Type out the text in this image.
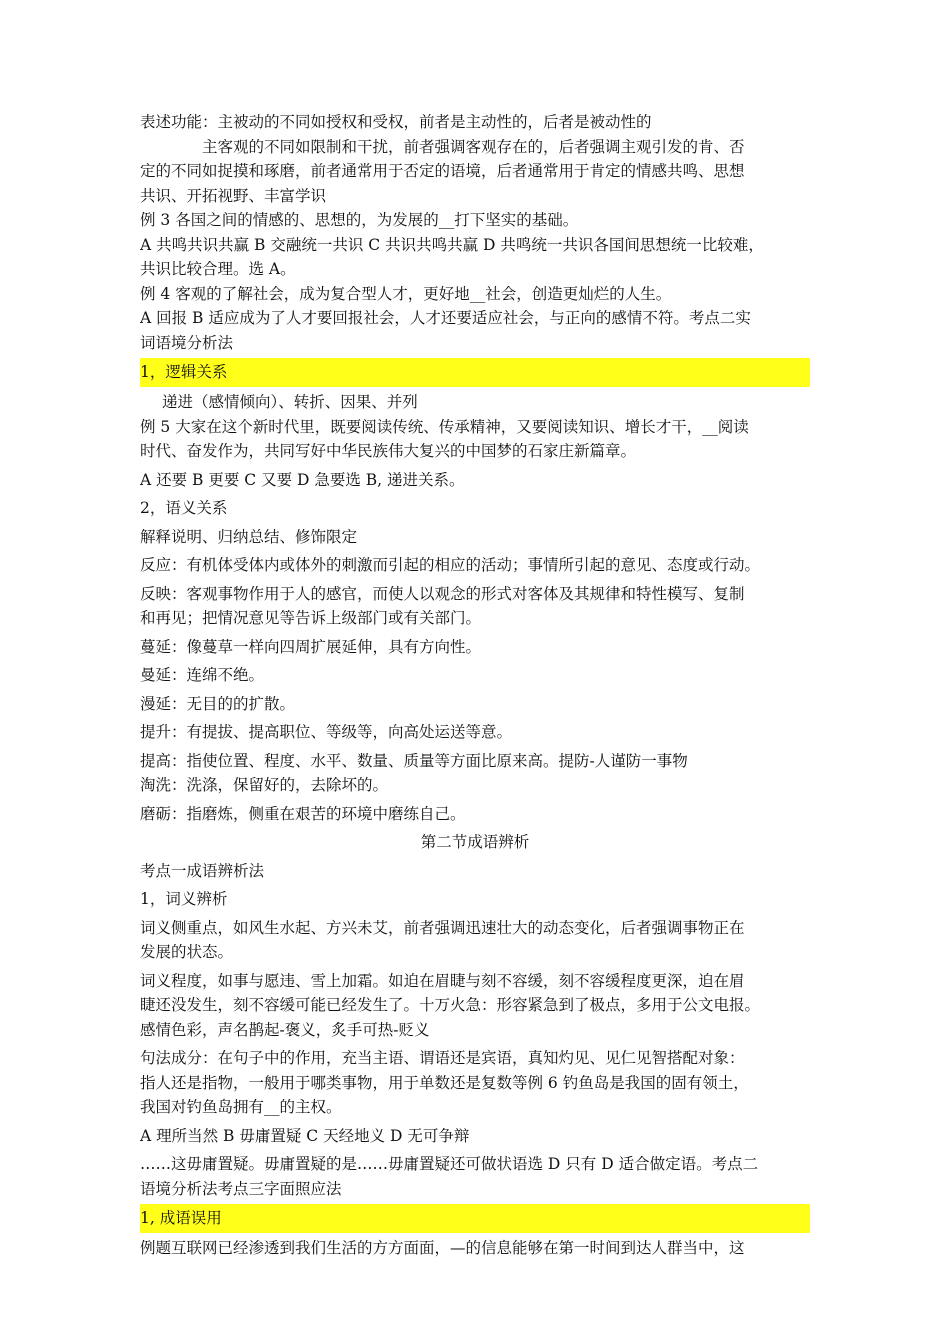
表述功能：主被动的不同如授权和受权，前者是主动性的，后者是被动性的
主客观的不同如限制和干扰，前者强调客观存在的，后者强调主观引发的肯、否
定的不同如捉摸和琢磨，前者通常用于否定的语境，后者通常用于肯定的情感共鸣、思想
共识、开拓视野、丰富学识
例 3 各国之间的情感的、思想的，为发展的__打下坚实的基础。
A 共鸣共识共赢 B 交融统一共识 C 共识共鸣共赢 D 共鸣统一共识各国间思想统一比较难，
共识比较合理。选 A。
例 4 客观的了解社会，成为复合型人才，更好地__社会，创造更灿烂的人生。
A 回报 B 适应成为了人才要回报社会，人才还要适应社会，与正向的感情不符。考点二实
词语境分析法
1，逻辑关系
递进（感情倾向）、转折、因果、并列
例 5 大家在这个新时代里，既要阅读传统、传承精神，又要阅读知识、增长才干，__阅读
时代、奋发作为，共同写好中华民族伟大复兴的中国梦的石家庄新篇章。
A 还要 B 更要 C 又要 D 急要选 B, 递进关系。
2，语义关系
解释说明、归纳总结、修饰限定
反应：有机体受体内或体外的刺激而引起的相应的活动；事情所引起的意见、态度或行动。
反映：客观事物作用于人的感官，而使人以观念的形式对客体及其规律和特性模写、复制
和再见；把情况意见等告诉上级部门或有关部门。
蔓延：像蔓草一样向四周扩展延伸，具有方向性。
曼延：连绵不绝。
漫延：无目的的扩散。
提升：有提拔、提高职位、等级等，向高处运送等意。
提高：指使位置、程度、水平、数量、质量等方面比原来高。提防-人谨防一事物
淘洗：洗涤，保留好的，去除坏的。
磨砺：指磨炼，侧重在艰苦的环境中磨练自己。
第二节成语辨析
考点一成语辨析法
1，词义辨析
词义侧重点，如风生水起、方兴未艾，前者强调迅速壮大的动态变化，后者强调事物正在
发展的状态。
词义程度，如事与愿违、雪上加霜。如迫在眉睫与刻不容缓，刻不容缓程度更深，迫在眉
睫还没发生，刻不容缓可能已经发生了。十万火急：形容紧急到了极点，多用于公文电报。
感情色彩，声名鹊起-褒义，炙手可热-贬义
句法成分：在句子中的作用，充当主语、谓语还是宾语，真知灼见、见仁见智搭配对象：
指人还是指物，一般用于哪类事物，用于单数还是复数等例 6 钓鱼岛是我国的固有领土，
我国对钓鱼岛拥有__的主权。
A 理所当然 B 毋庸置疑 C 天经地义 D 无可争辩
……这毋庸置疑。毋庸置疑的是……毋庸置疑还可做状语选 D 只有 D 适合做定语。考点二
语境分析法考点三字面照应法
1, 成语误用
例题互联网已经渗透到我们生活的方方面面，—的信息能够在第一时间到达人群当中，这
